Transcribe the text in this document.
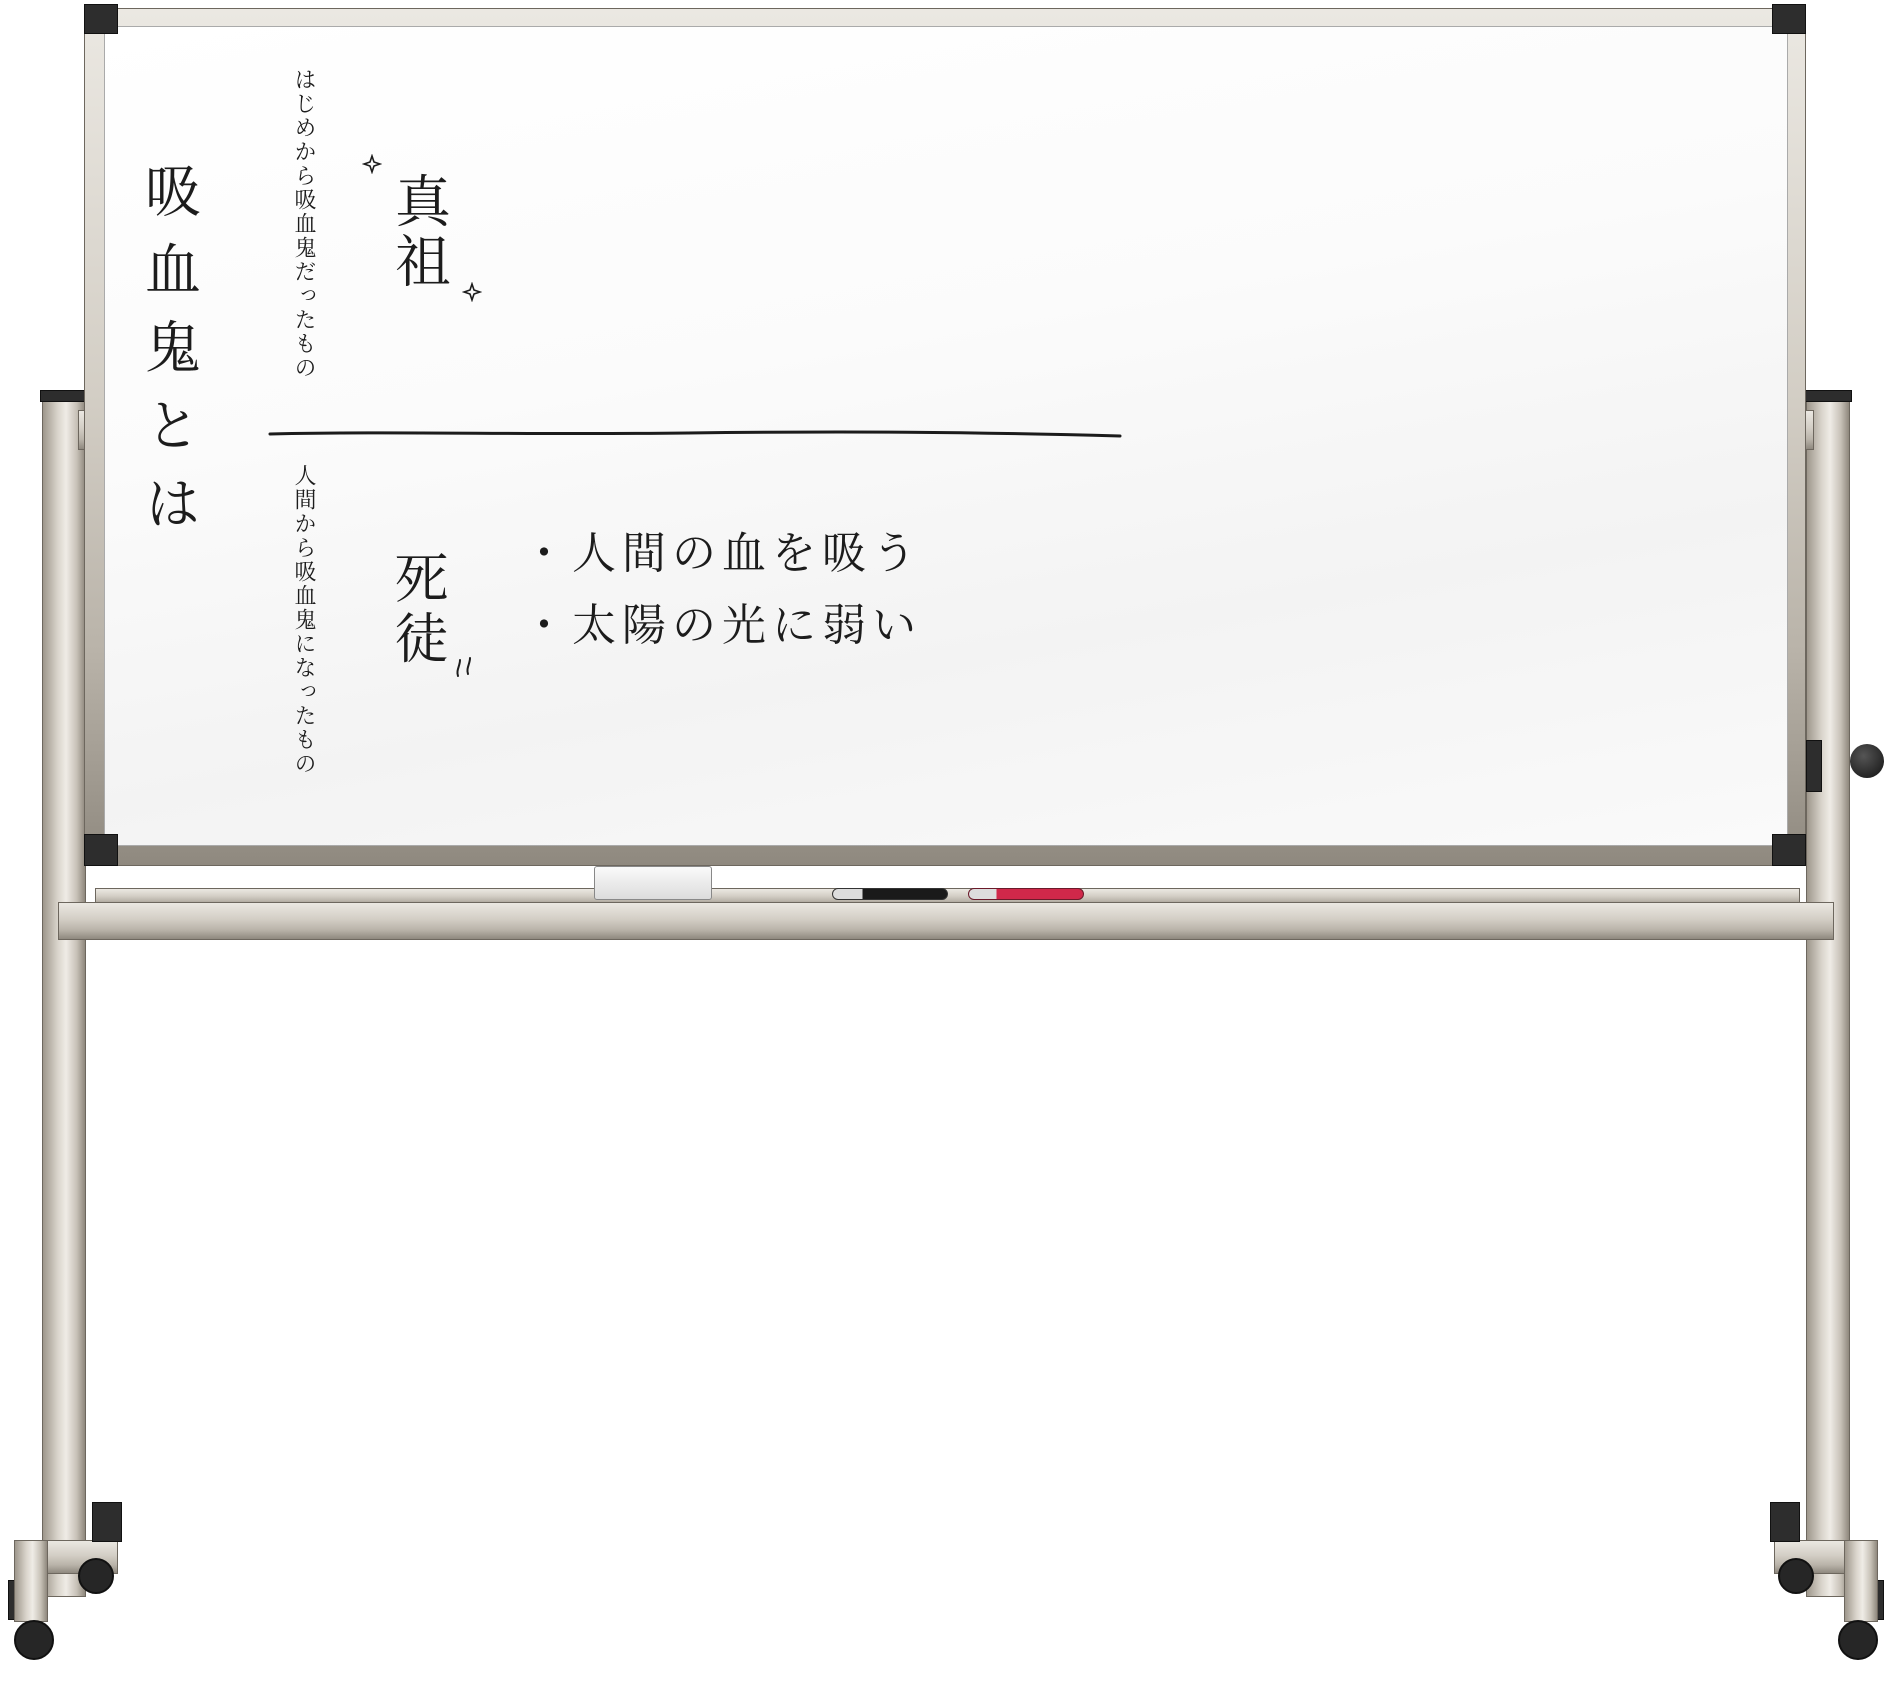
吸血鬼とは	はじめから吸血鬼だったもの 真祖
人間から吸血鬼になったもの 死徒 ・人間の血を吸う
・太陽の光に弱い
